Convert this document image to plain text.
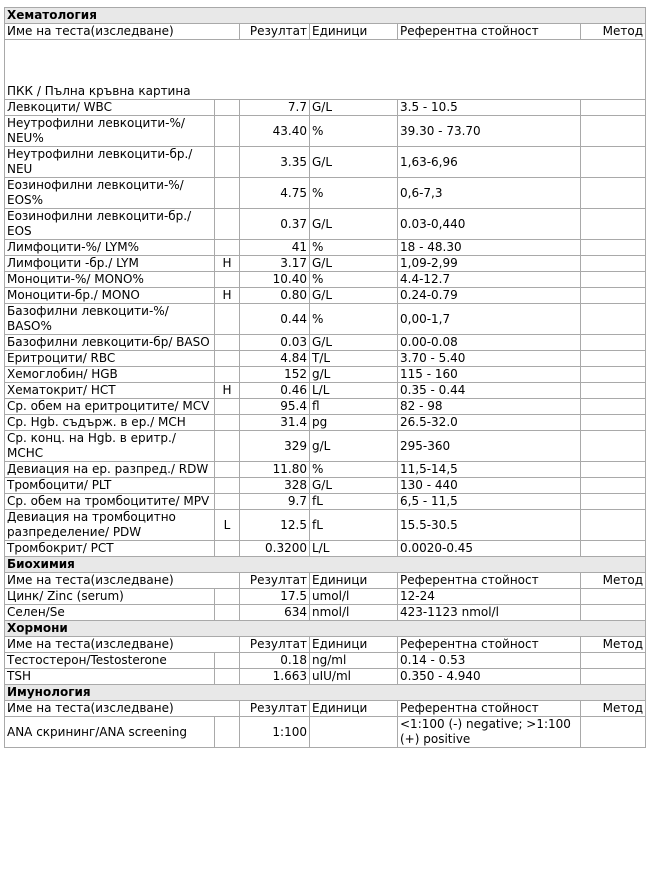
Хематология					
Име на теста(изследване)		Резултат	Единици	Референтна стойност	Метод
ПКК / Пълна кръвна картина					
Левкоцити/ WBC		7.7	G/L	3.5 - 10.5	
Неутрофилни левкоцити-%/ NEU%		43.40	%	39.30 - 73.70	
Неутрофилни левкоцити-бр./ NEU		3.35	G/L	1,63-6,96	
Еозинофилни левкоцити-%/ EOS%		4.75	%	0,6-7,3	
Еозинофилни левкоцити-бр./ EOS		0.37	G/L	0.03-0,440	
Лимфоцити-%/ LYM%		41	%	18 - 48.30	
Лимфоцити -бр./ LYM	H	3.17	G/L	1,09-2,99	
Моноцити-%/ MONO%		10.40	%	4.4-12.7	
Моноцити-бр./ MONO	H	0.80	G/L	0.24-0.79	
Базофилни левкоцити-%/ BASO%		0.44	%	0,00-1,7	
Базофилни левкоцити-бр/ BASO		0.03	G/L	0.00-0.08	
Еритроцити/ RBC		4.84	T/L	3.70 - 5.40	
Хемоглобин/ HGB		152	g/L	115 - 160	
Хематокрит/ HCT	H	0.46	L/L	0.35 - 0.44	
Ср. обем на еритроцитите/ MCV		95.4	fl	82 - 98	
Ср. Hgb. съдърж. в ер./ MCH		31.4	pg	26.5-32.0	
Ср. конц. на Hgb. в еритр./ MCHC		329	g/L	295-360	
Девиация на ер. разпред./ RDW		11.80	%	11,5-14,5	
Тромбоцити/ PLT		328	G/L	130 - 440	
Ср. обем на тромбоцитите/ MPV		9.7	fL	6,5 - 11,5	
Девиация на тромбоцитно разпределение/ PDW	L	12.5	fL	15.5-30.5	
Тромбокрит/ PCT		0.3200	L/L	0.0020-0.45	
Биохимия					
Име на теста(изследване)		Резултат	Единици	Референтна стойност	Метод
Цинк/ Zinc (serum)		17.5	umol/l	12-24	
Селен/Se		634	nmol/l	423-1123 nmol/l	
Хормони					
Име на теста(изследване)		Резултат	Единици	Референтна стойност	Метод
Тестостерон/Testosterone		0.18	ng/ml	0.14 - 0.53	
TSH		1.663	uIU/ml	0.350 - 4.940	
Имунология					
Име на теста(изследване)		Резултат	Единици	Референтна стойност	Метод
ANA скрининг/ANA screening		1:100		<1:100 (-) negative; >1:100 (+) positive	
